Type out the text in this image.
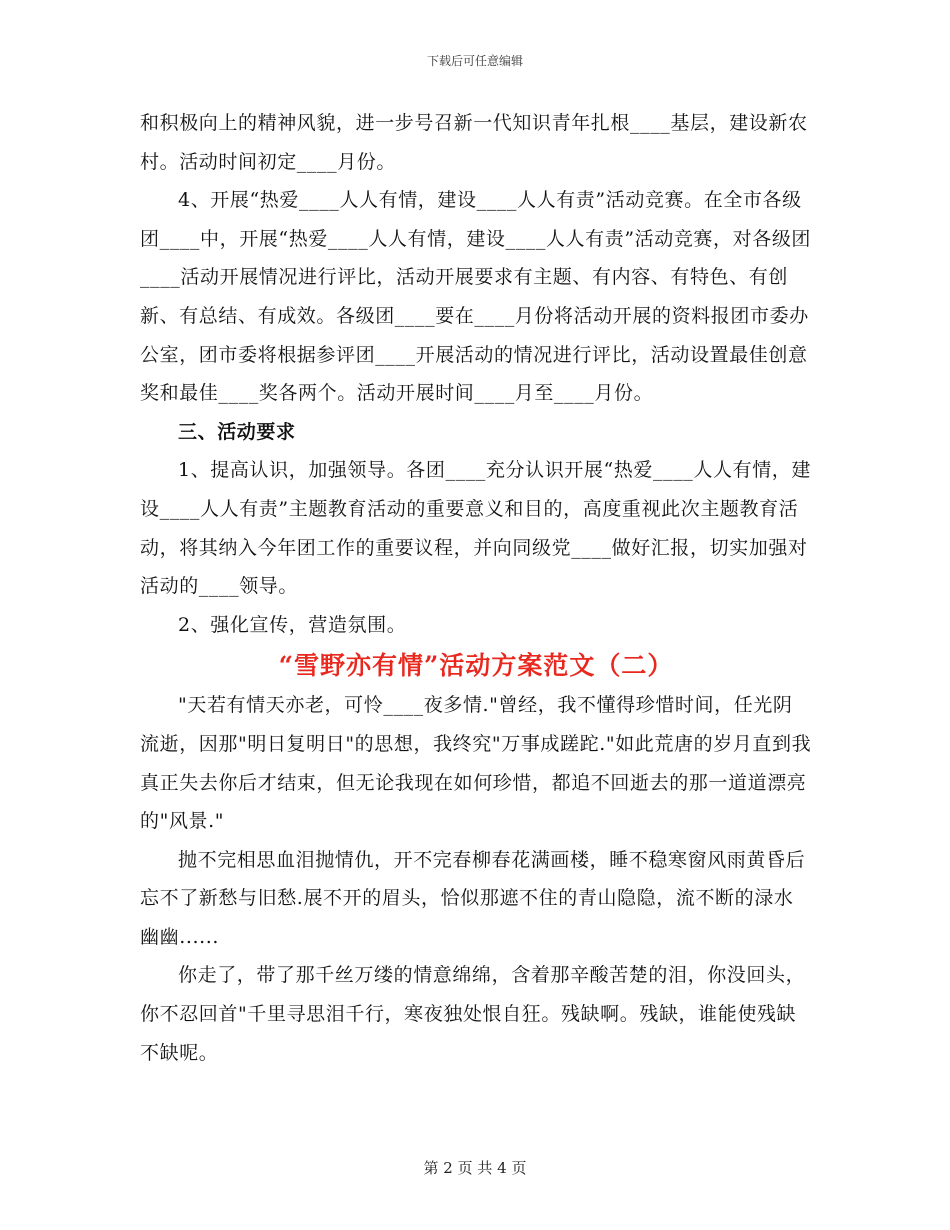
下载后可任意编辑

和积极向上的精神风貌，进一步号召新一代知识青年扎根____基层，建设新农村。活动时间初定____月份。

4、开展“热爱____人人有情，建设____人人有责”活动竞赛。在全市各级团____中，开展“热爱____人人有情，建设____人人有责”活动竞赛，对各级团____活动开展情况进行评比，活动开展要求有主题、有内容、有特色、有创新、有总结、有成效。各级团____要在____月份将活动开展的资料报团市委办公室，团市委将根据参评团____开展活动的情况进行评比，活动设置最佳创意奖和最佳____奖各两个。活动开展时间____月至____月份。

三、活动要求

1、提高认识，加强领导。各团____充分认识开展“热爱____人人有情，建设____人人有责”主题教育活动的重要意义和目的，高度重视此次主题教育活动，将其纳入今年团工作的重要议程，并向同级党____做好汇报，切实加强对活动的____领导。

2、强化宣传，营造氛围。

“雪野亦有情”活动方案范文（二）

"天若有情天亦老，可怜____夜多情."曾经，我不懂得珍惜时间，任光阴流逝，因那"明日复明日"的思想，我终究"万事成蹉跎."如此荒唐的岁月直到我真正失去你后才结束，但无论我现在如何珍惜，都追不回逝去的那一道道漂亮的"风景."

抛不完相思血泪抛情仇，开不完春柳春花满画楼，睡不稳寒窗风雨黄昏后忘不了新愁与旧愁.展不开的眉头，恰似那遮不住的青山隐隐，流不断的渌水幽幽......

你走了，带了那千丝万缕的情意绵绵，含着那辛酸苦楚的泪，你没回头，你不忍回首"千里寻思泪千行，寒夜独处恨自狂。残缺啊。残缺，谁能使残缺不缺呢。

第 2 页 共 4 页
